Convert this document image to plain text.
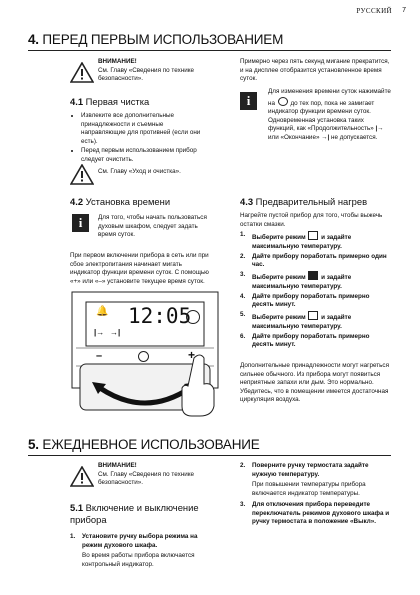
РУССКИЙ 7
4. ПЕРЕД ПЕРВЫМ ИСПОЛЬЗОВАНИЕМ
ВНИМАНИЕ!
См. Главу «Сведения по технике безопасности».
4.1 Первая чистка
• Извлеките все дополнительные принадлежности и съемные направляющие для противней (если они есть).
• Перед первым использованием прибор следует очистить.
См. Главу «Уход и очистка».
4.2 Установка времени
i	Для того, чтобы начать пользоваться духовым шкафом, следует задать время суток.
При первом включении прибора в сеть или при сбое электропитания начинает мигать индикатор функции времени суток. С помощью «+» или «–» установите текущее время суток.
12:05
🔔
|→ →|
–	+
Примерно через пять секунд мигание прекратится, и на дисплее отобразится установленное время суток.
i
Для изменения времени суток нажимайте на до тех пор, пока не замигает индикатор функции времени суток. Одновременная установка таких функций, как «Продолжительность» |→ или «Окончание» →| не допускается.
4.3 Предварительный нагрев
Нагрейте пустой прибор для того, чтобы выжечь остатки смазки.
1. Выберите режим и задайте максимальную температуру.
2. Дайте прибору поработать примерно один час.
3. Выберите режим и задайте максимальную температуру.
4. Дайте прибору поработать примерно десять минут.
5. Выберите режим и задайте максимальную температуру.
6. Дайте прибору поработать примерно десять минут.
Дополнительные принадлежности могут нагреться сильнее обычного. Из прибора могут появиться неприятные запахи или дым. Это нормально. Убедитесь, что в помещении имеется достаточная циркуляция воздуха.
5. ЕЖЕДНЕВНОЕ ИСПОЛЬЗОВАНИЕ
ВНИМАНИЕ!
См. Главу «Сведения по технике безопасности».
5.1 Включение и выключение
прибора
1. Установите ручку выбора режима на режим духового шкафа.
Во время работы прибора включается контрольный индикатор.
2. Поверните ручку термостата задайте нужную температуру.
При повышении температуры прибора включается индикатор температуры.
3. Для отключения прибора переведите переключатель режимов духового шкафа и ручку термостата в положение «Выкл».
